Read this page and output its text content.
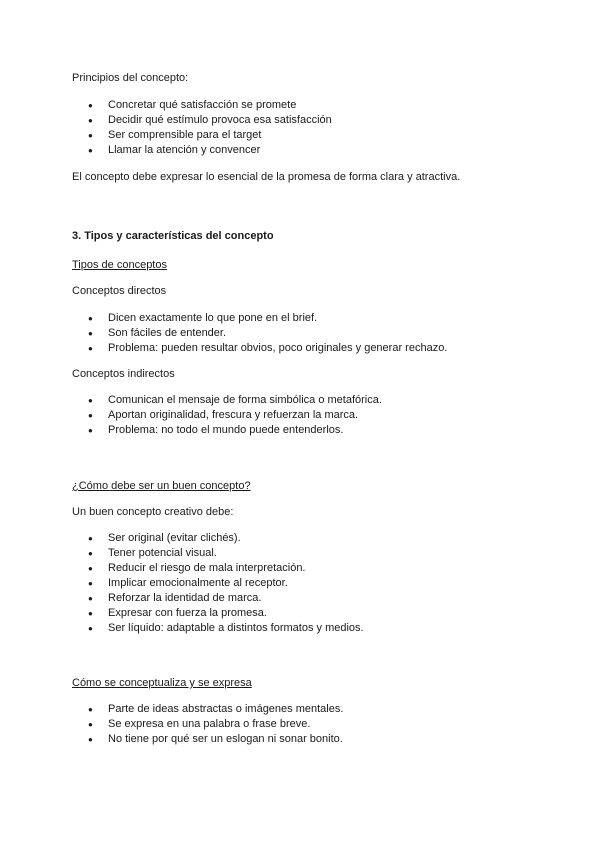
Principios del concepto:
● Concretar qué satisfacción se promete
● Decidir qué estímulo provoca esa satisfacción
● Ser comprensible para el target
● Llamar la atención y convencer
El concepto debe expresar lo esencial de la promesa de forma clara y atractiva.
3. Tipos y características del concepto
Tipos de conceptos
Conceptos directos
● Dicen exactamente lo que pone en el brief.
● Son fáciles de entender.
● Problema: pueden resultar obvios, poco originales y generar rechazo.
Conceptos indirectos
● Comunican el mensaje de forma simbólica o metafórica.
● Aportan originalidad, frescura y refuerzan la marca.
● Problema: no todo el mundo puede entenderlos.
¿Cómo debe ser un buen concepto?
Un buen concepto creativo debe:
● Ser original (evitar clichés).
● Tener potencial visual.
● Reducir el riesgo de mala interpretación.
● Implicar emocionalmente al receptor.
● Reforzar la identidad de marca.
● Expresar con fuerza la promesa.
● Ser líquido: adaptable a distintos formatos y medios.
Cómo se conceptualiza y se expresa
● Parte de ideas abstractas o imágenes mentales.
● Se expresa en una palabra o frase breve.
● No tiene por qué ser un eslogan ni sonar bonito.
